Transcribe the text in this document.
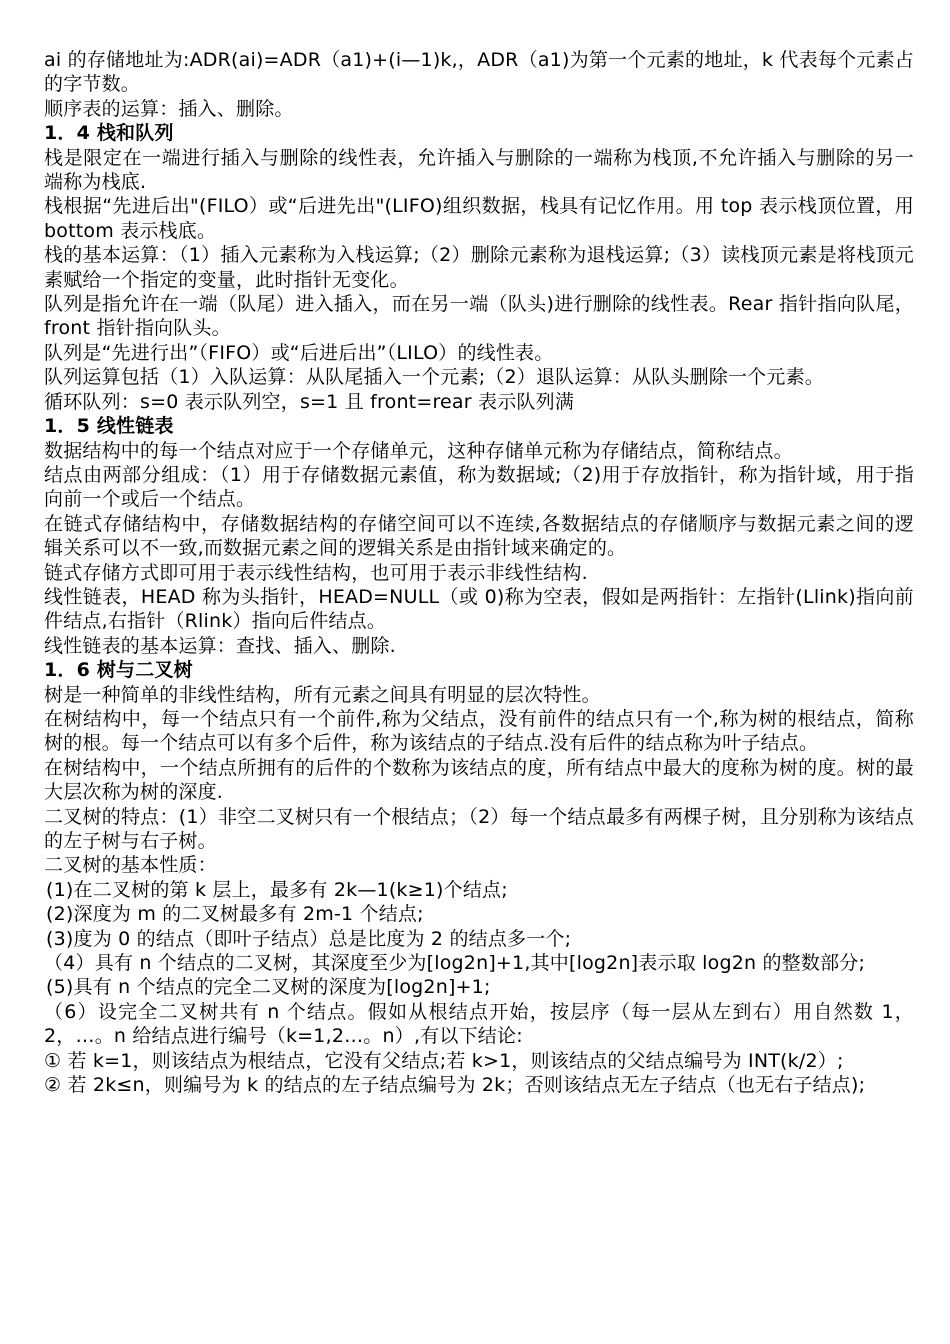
ai 的存储地址为:ADR(ai)=ADR（a1)+(i—1)k,，ADR（a1)为第一个元素的地址，k 代表每个元素占的字节数。

顺序表的运算：插入、删除。

1．4 栈和队列

栈是限定在一端进行插入与删除的线性表，允许插入与删除的一端称为栈顶,不允许插入与删除的另一端称为栈底.

栈根据“先进后出"(FILO）或“后进先出"(LIFO)组织数据，栈具有记忆作用。用 top 表示栈顶位置，用 bottom 表示栈底。

栈的基本运算：（1）插入元素称为入栈运算;（2）删除元素称为退栈运算;（3）读栈顶元素是将栈顶元素赋给一个指定的变量，此时指针无变化。

队列是指允许在一端（队尾）进入插入，而在另一端（队头)进行删除的线性表。Rear 指针指向队尾，front 指针指向队头。

队列是“先进行出”（FIFO）或“后进后出”（LILO）的线性表。

队列运算包括（1）入队运算：从队尾插入一个元素;（2）退队运算：从队头删除一个元素。

循环队列：s=0 表示队列空，s=1 且 front=rear 表示队列满

1．5 线性链表

数据结构中的每一个结点对应于一个存储单元，这种存储单元称为存储结点，简称结点。

结点由两部分组成：（1）用于存储数据元素值，称为数据域;（2)用于存放指针，称为指针域，用于指向前一个或后一个结点。

在链式存储结构中，存储数据结构的存储空间可以不连续,各数据结点的存储顺序与数据元素之间的逻辑关系可以不一致,而数据元素之间的逻辑关系是由指针域来确定的。

链式存储方式即可用于表示线性结构，也可用于表示非线性结构.

线性链表，HEAD 称为头指针，HEAD=NULL（或 0)称为空表，假如是两指针：左指针(Llink)指向前件结点,右指针（Rlink）指向后件结点。

线性链表的基本运算：查找、插入、删除.

1．6 树与二叉树

树是一种简单的非线性结构，所有元素之间具有明显的层次特性。

在树结构中，每一个结点只有一个前件,称为父结点，没有前件的结点只有一个,称为树的根结点，简称树的根。每一个结点可以有多个后件，称为该结点的子结点.没有后件的结点称为叶子结点。

在树结构中，一个结点所拥有的后件的个数称为该结点的度，所有结点中最大的度称为树的度。树的最大层次称为树的深度.

二叉树的特点：(1）非空二叉树只有一个根结点；（2）每一个结点最多有两棵子树，且分别称为该结点的左子树与右子树。

二叉树的基本性质：

(1)在二叉树的第 k 层上，最多有 2k—1(k≥1)个结点;

(2)深度为 m 的二叉树最多有 2m-1 个结点;

(3)度为 0 的结点（即叶子结点）总是比度为 2 的结点多一个;

（4）具有 n 个结点的二叉树，其深度至少为[log2n]+1,其中[log2n]表示取 log2n 的整数部分;

(5)具有 n 个结点的完全二叉树的深度为[log2n]+1;

（6）设完全二叉树共有 n 个结点。假如从根结点开始，按层序（每一层从左到右）用自然数 1，2，…。n 给结点进行编号（k=1,2…。n）,有以下结论:

① 若 k=1，则该结点为根结点，它没有父结点;若 k>1，则该结点的父结点编号为 INT(k/2）;

② 若 2k≤n，则编号为 k 的结点的左子结点编号为 2k；否则该结点无左子结点（也无右子结点);
